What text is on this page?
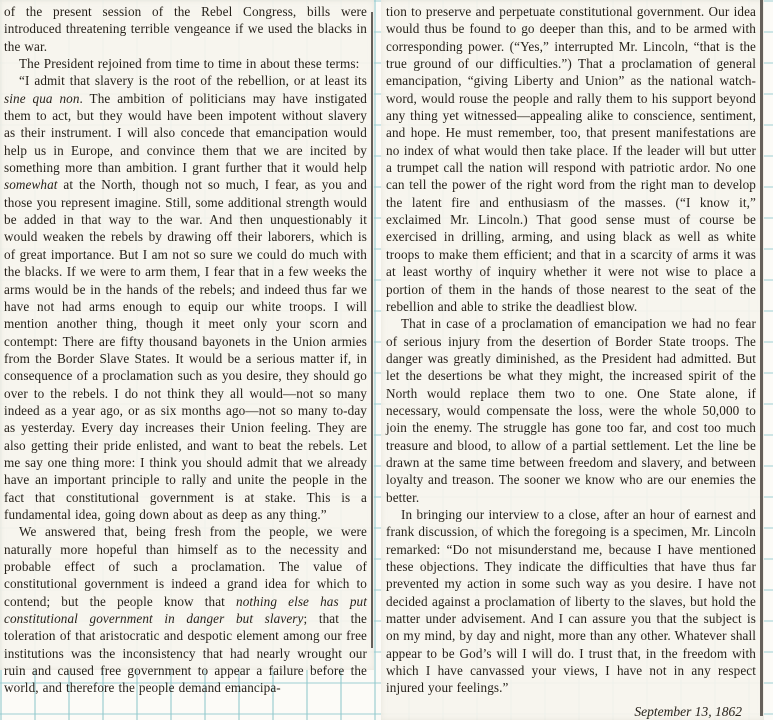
of the present session of the Rebel Congress, bills were introduced threatening terrible vengeance if we used the blacks in the war.

The President rejoined from time to time in about these terms:

“I admit that slavery is the root of the rebellion, or at least its sine qua non. The ambition of politicians may have instigated them to act, but they would have been impotent without slavery as their instrument. I will also concede that emancipation would help us in Europe, and convince them that we are incited by something more than ambition. I grant further that it would help somewhat at the North, though not so much, I fear, as you and those you represent imagine. Still, some additional strength would be added in that way to the war. And then unquestionably it would weaken the rebels by drawing off their laborers, which is of great importance. But I am not so sure we could do much with the blacks. If we were to arm them, I fear that in a few weeks the arms would be in the hands of the rebels; and indeed thus far we have not had arms enough to equip our white troops. I will mention another thing, though it meet only your scorn and contempt: There are fifty thousand bayonets in the Union armies from the Border Slave States. It would be a serious matter if, in consequence of a proclamation such as you desire, they should go over to the rebels. I do not think they all would—not so many indeed as a year ago, or as six months ago—not so many to-day as yesterday. Every day increases their Union feeling. They are also getting their pride enlisted, and want to beat the rebels. Let me say one thing more: I think you should admit that we already have an important principle to rally and unite the people in the fact that constitutional government is at stake. This is a fundamental idea, going down about as deep as any thing.”

We answered that, being fresh from the people, we were naturally more hopeful than himself as to the necessity and probable effect of such a proclamation. The value of constitutional government is indeed a grand idea for which to contend; but the people know that nothing else has put constitutional government in danger but slavery; that the toleration of that aristocratic and despotic element among our free institutions was the inconsistency that had nearly wrought our ruin and caused free government to appear a failure before the world, and therefore the people demand emancipa-

tion to preserve and perpetuate constitutional government. Our idea would thus be found to go deeper than this, and to be armed with corresponding power. (“Yes,” interrupted Mr. Lincoln, “that is the true ground of our difficulties.”) That a proclamation of general emancipation, “giving Liberty and Union” as the national watch-word, would rouse the people and rally them to his support beyond any thing yet witnessed—appealing alike to conscience, sentiment, and hope. He must remember, too, that present manifestations are no index of what would then take place. If the leader will but utter a trumpet call the nation will respond with patriotic ardor. No one can tell the power of the right word from the right man to develop the latent fire and enthusiasm of the masses. (“I know it,” exclaimed Mr. Lincoln.) That good sense must of course be exercised in drilling, arming, and using black as well as white troops to make them efficient; and that in a scarcity of arms it was at least worthy of inquiry whether it were not wise to place a portion of them in the hands of those nearest to the seat of the rebellion and able to strike the deadliest blow.

That in case of a proclamation of emancipation we had no fear of serious injury from the desertion of Border State troops. The danger was greatly diminished, as the President had admitted. But let the desertions be what they might, the increased spirit of the North would replace them two to one. One State alone, if necessary, would compensate the loss, were the whole 50,000 to join the enemy. The struggle has gone too far, and cost too much treasure and blood, to allow of a partial settlement. Let the line be drawn at the same time between freedom and slavery, and between loyalty and treason. The sooner we know who are our enemies the better.

In bringing our interview to a close, after an hour of earnest and frank discussion, of which the foregoing is a specimen, Mr. Lincoln remarked: “Do not misunderstand me, because I have mentioned these objections. They indicate the difficulties that have thus far prevented my action in some such way as you desire. I have not decided against a proclamation of liberty to the slaves, but hold the matter under advisement. And I can assure you that the subject is on my mind, by day and night, more than any other. Whatever shall appear to be God’s will I will do. I trust that, in the freedom with which I have canvassed your views, I have not in any respect injured your feelings.”

September 13, 1862
